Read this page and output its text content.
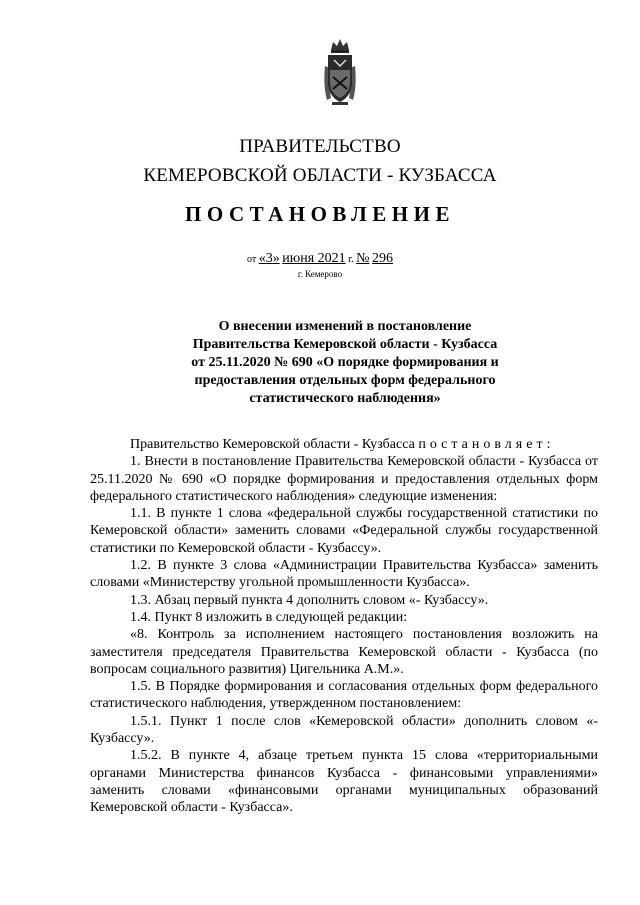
ПРАВИТЕЛЬСТВО
КЕМЕРОВСКОЙ ОБЛАСТИ - КУЗБАССА
ПОСТАНОВЛЕНИЕ
от «3» июня 2021 г. № 296
г. Кемерово
О внесении изменений в постановление
Правительства Кемеровской области - Кузбасса
от 25.11.2020 № 690 «О порядке формирования и
предоставления отдельных форм федерального
статистического наблюдения»

Правительство Кемеровской области - Кузбасса постановляет:

1. Внести в постановление Правительства Кемеровской области - Кузбасса от 25.11.2020 № 690 «О порядке формирования и предоставления отдельных форм федерального статистического наблюдения» следующие изменения:

1.1. В пункте 1 слова «федеральной службы государственной статистики по Кемеровской области» заменить словами «Федеральной службы государственной статистики по Кемеровской области - Кузбассу».

1.2. В пункте 3 слова «Администрации Правительства Кузбасса» заменить словами «Министерству угольной промышленности Кузбасса».

1.3. Абзац первый пункта 4 дополнить словом «- Кузбассу».

1.4. Пункт 8 изложить в следующей редакции:

«8. Контроль за исполнением настоящего постановления возложить на заместителя председателя Правительства Кемеровской области - Кузбасса (по вопросам социального развития) Цигельника А.М.».

1.5. В Порядке формирования и согласования отдельных форм федерального статистического наблюдения, утвержденном постановлением:

1.5.1. Пункт 1 после слов «Кемеровской области» дополнить словом «- Кузбассу».

1.5.2. В пункте 4, абзаце третьем пункта 15 слова «территориальными органами Министерства финансов Кузбасса - финансовыми управлениями» заменить словами «финансовыми органами муниципальных образований Кемеровской области - Кузбасса».
